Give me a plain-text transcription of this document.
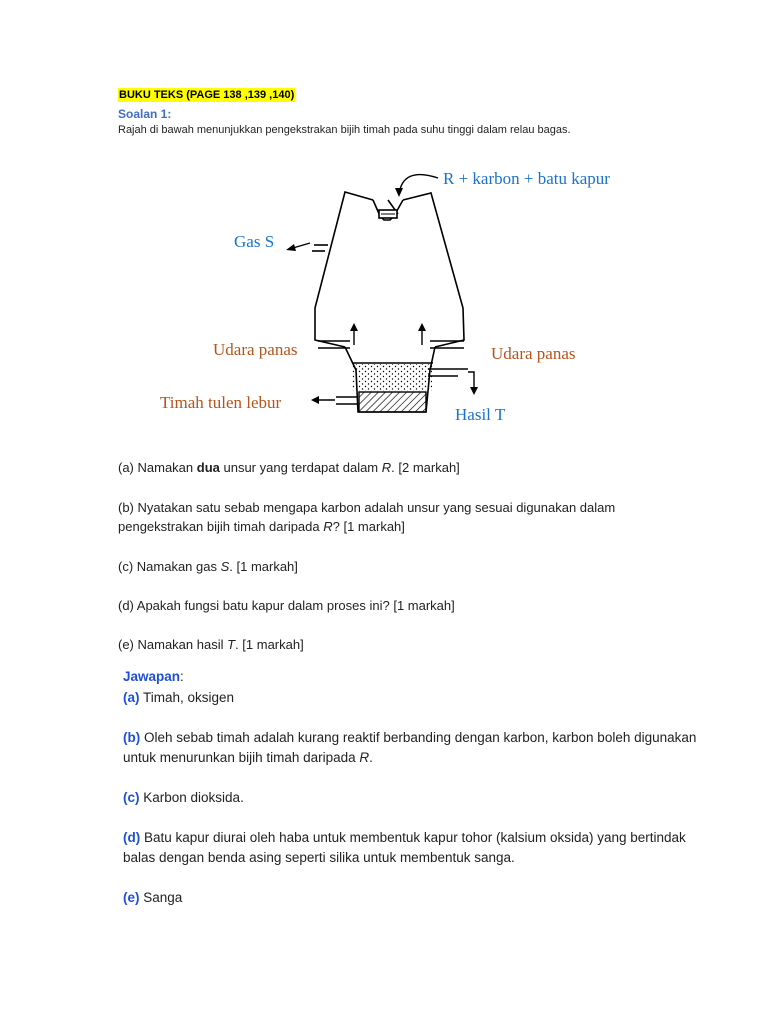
BUKU TEKS (PAGE 138 ,139 ,140)
Soalan 1:
Rajah di bawah menunjukkan pengekstrakan bijih timah pada suhu tinggi dalam relau bagas.
R + karbon + batu kapur
Gas S
Udara panas	Udara panas
Timah tulen lebur
Hasil T
(a) Namakan dua unsur yang terdapat dalam R. [2 markah]
(b) Nyatakan satu sebab mengapa karbon adalah unsur yang sesuai digunakan dalam
pengekstrakan bijih timah daripada R? [1 markah]
(c) Namakan gas S. [1 markah]
(d) Apakah fungsi batu kapur dalam proses ini? [1 markah]
(e) Namakan hasil T. [1 markah]
Jawapan:
(a) Timah, oksigen
(b) Oleh sebab timah adalah kurang reaktif berbanding dengan karbon, karbon boleh digunakan
untuk menurunkan bijih timah daripada R.
(c) Karbon dioksida.
(d) Batu kapur diurai oleh haba untuk membentuk kapur tohor (kalsium oksida) yang bertindak
balas dengan benda asing seperti silika untuk membentuk sanga.
(e) Sanga
